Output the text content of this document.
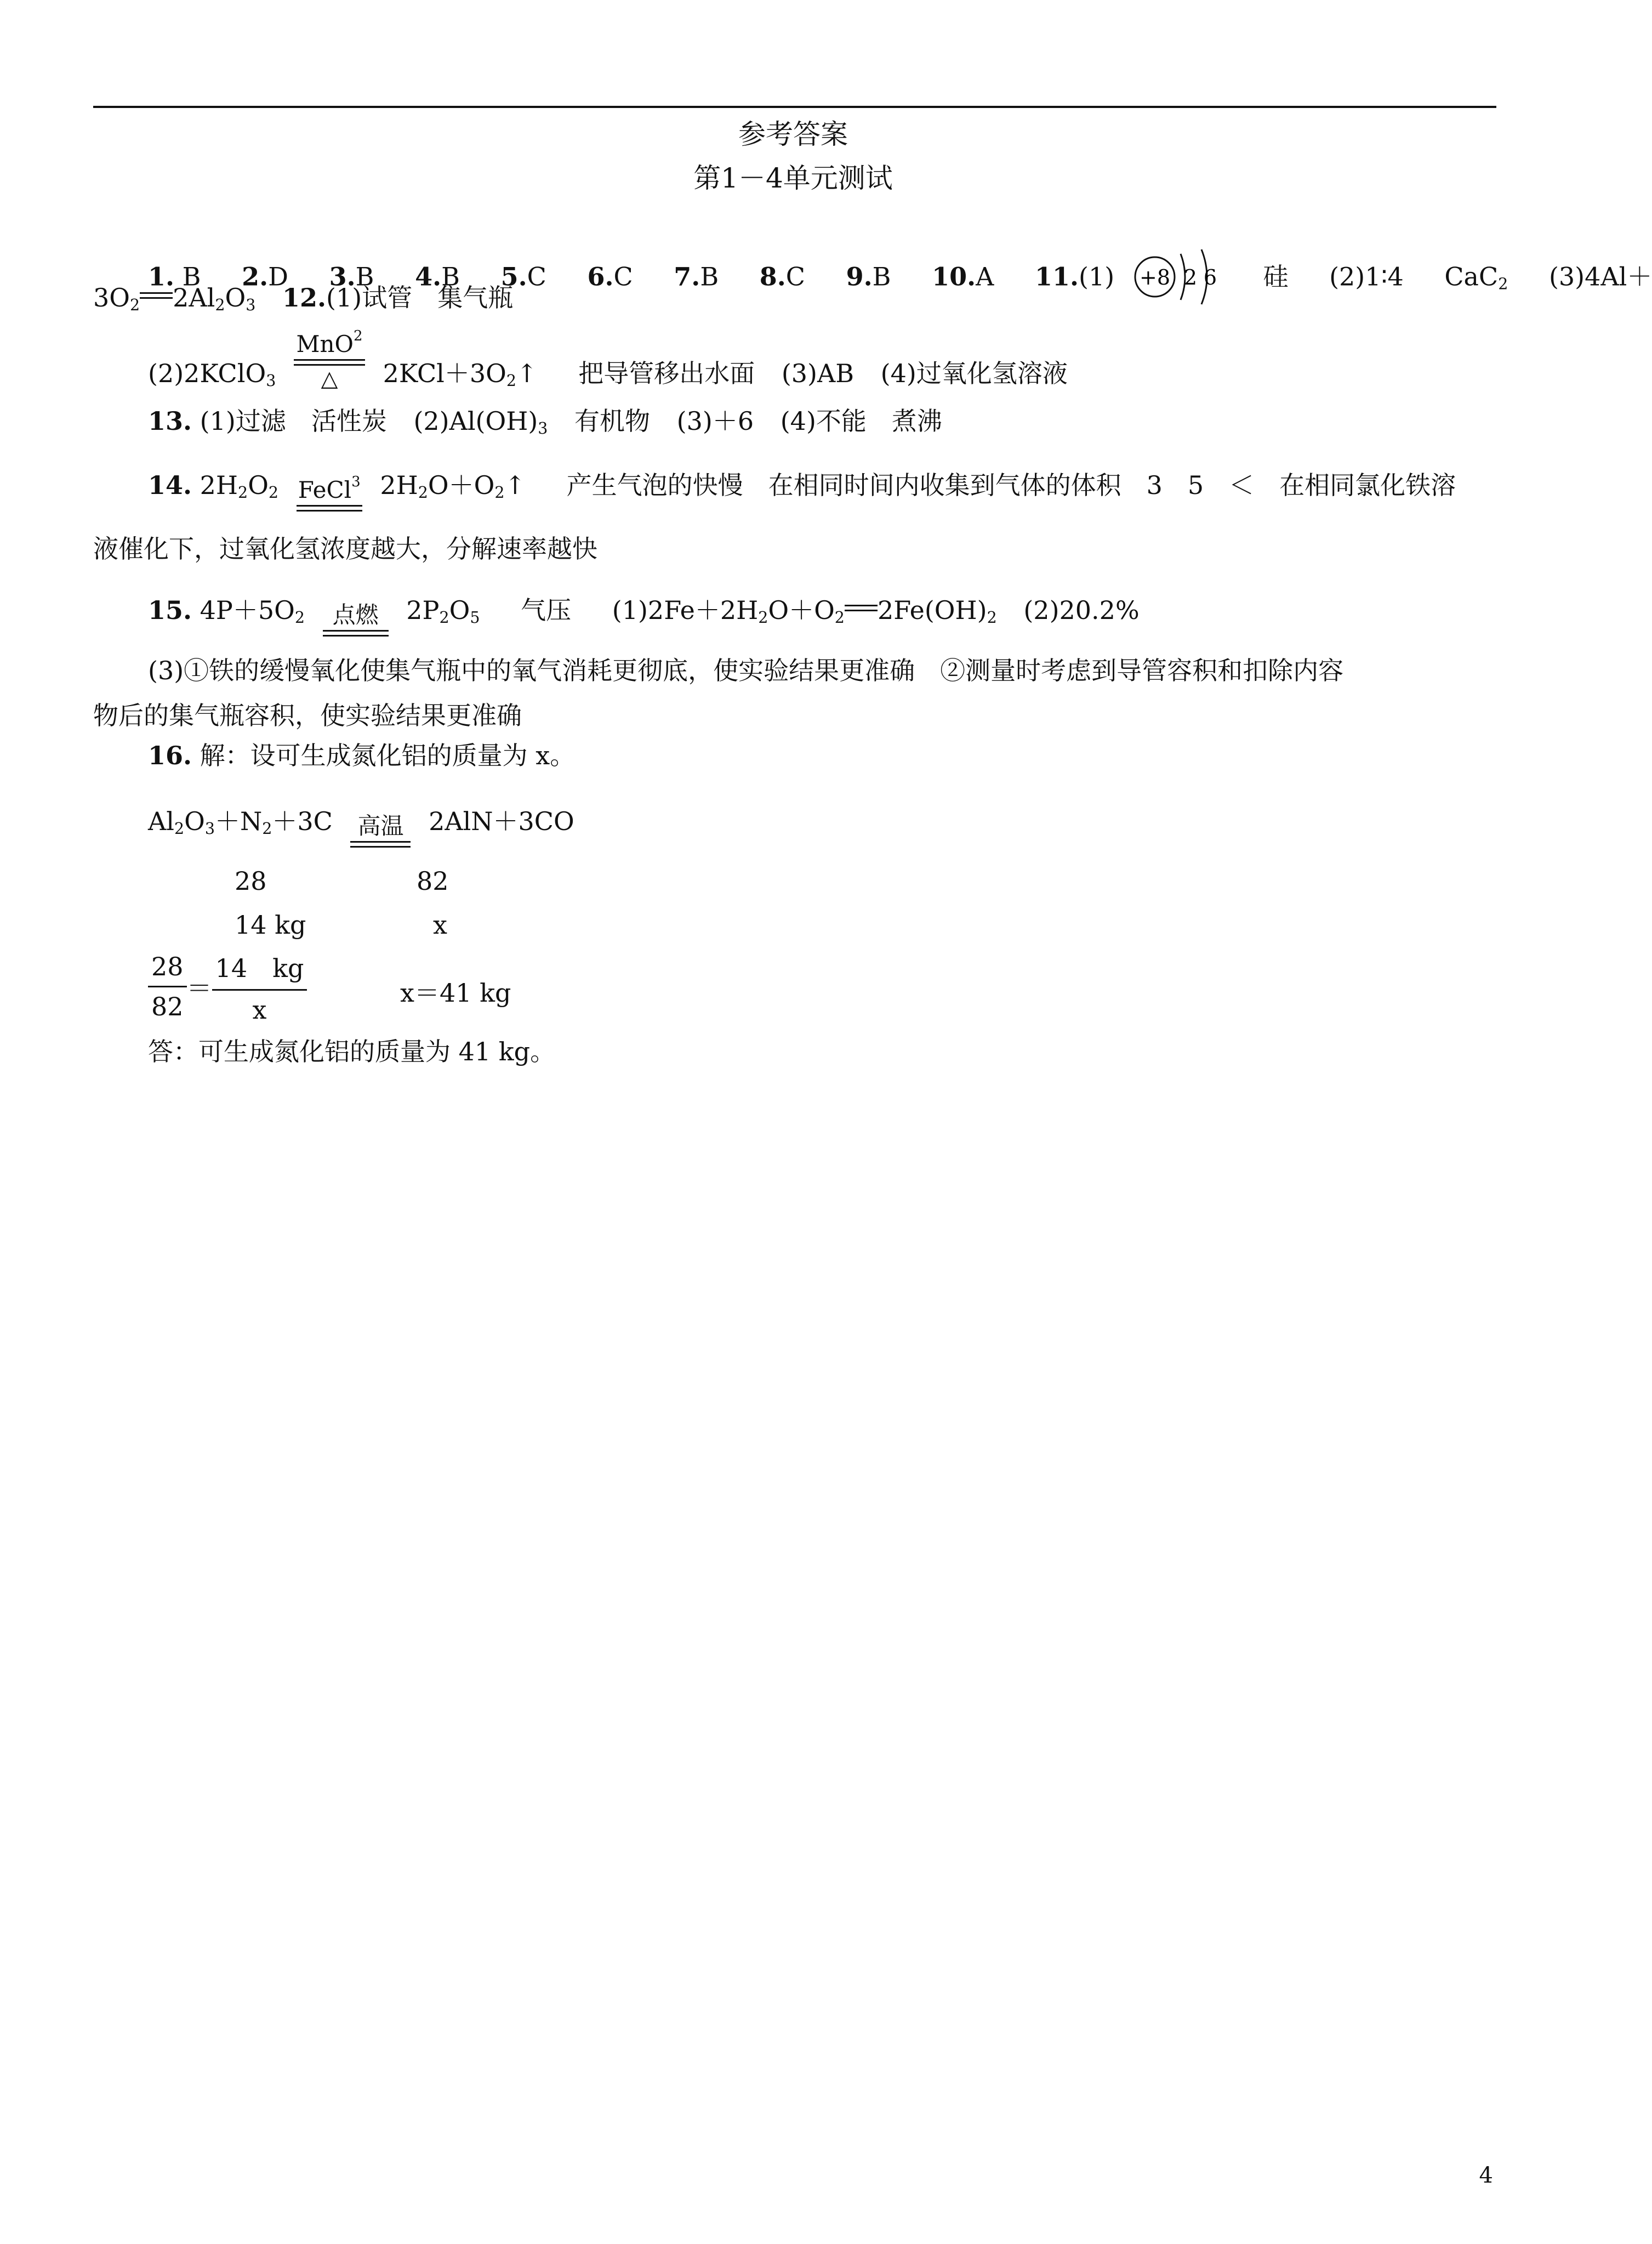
参考答案
第1－4单元测试
1. B 2.D 3.B 4.B 5.C 6.C 7.B 8.C 9.B 10.A 11.(1) +8 2 6 硅 (2)1∶4 CaC$_2$ (3)4Al＋
$3O_2$ $2Al_2O_3$ 12.(1)试管　集气瓶
(2)2KClO$_3$
MnO$^2$
△	$2KCl+3O_2↑$ 把导管移出水面 (3)AB (4)过氧化氢溶液
13. (1)过滤　活性炭 $(2)Al(OH)_3$ 有机物 (3)＋6 (4)不能　煮沸
14. $2H_2O_2$ FeCl$^3$ $2H_2O+O_2↑$ 产生气泡的快慢　在相同时间内收集到气体的体积　3　5　＜　在相同氯化铁溶
液催化下，过氧化氢浓度越大，分解速率越快
15. $4P+5O_2$	点燃	$2P_2O_5$ 气压 $(1)2Fe+2H_2O+O_2$ $2Fe(OH)_2$ (2)20.2%
(3)①铁的缓慢氧化使集气瓶中的氧气消耗更彻底，使实验结果更准确　②测量时考虑到导管容积和扣除内容
物后的集气瓶容积，使实验结果更准确
16. 解：设可生成氮化铝的质量为 x。
$Al_2O_3+N_2+3C$	高温 2AlN＋3CO
28	82
14 kg	x
$\frac{28}{82} = \frac{14 kg}{x}$	x＝41 kg
答：可生成氮化铝的质量为 41 kg。
4
